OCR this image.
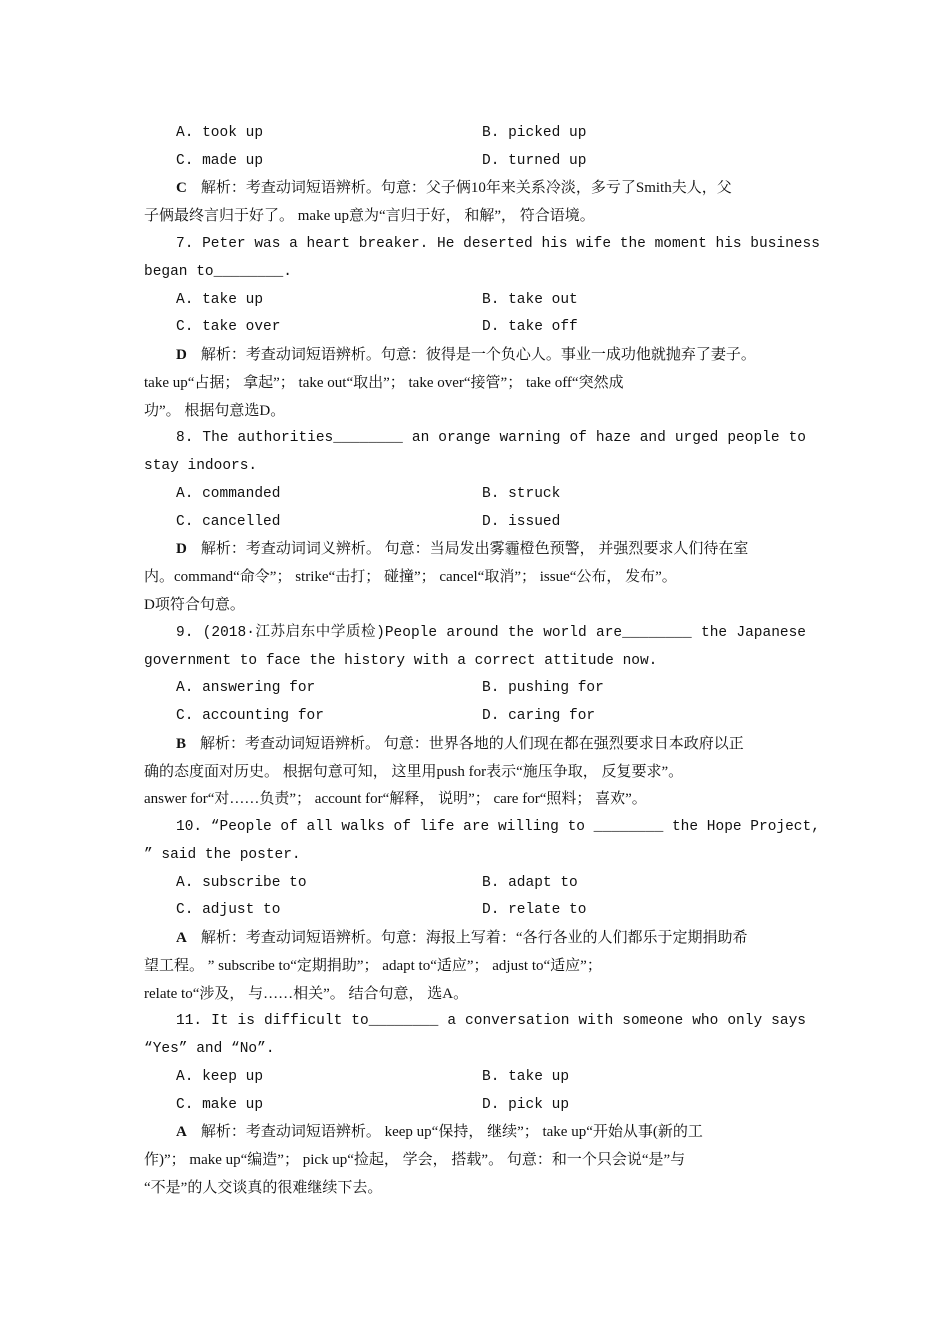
A. took up	B. picked up
C. made up	D. turned up
C 解析：考查动词短语辨析。句意：父子俩10年来关系冷淡，多亏了Smith夫人，父
子俩最终言归于好了。 make up意为“言归于好， 和解”， 符合语境。
7. Peter was a heart breaker. He deserted his wife the moment his business
began to________.
A. take up	B. take out
C. take over	D. take off
D 解析：考查动词短语辨析。句意：彼得是一个负心人。事业一成功他就抛弃了妻子。
take up“占据； 拿起”； take out“取出”； take over“接管”； take off“突然成
功”。 根据句意选D。
8. The authorities________ an orange warning of haze and urged people to
stay indoors.
A. commanded	B. struck
C. cancelled	D. issued
D 解析：考查动词词义辨析。 句意：当局发出雾霾橙色预警， 并强烈要求人们待在室
内。command“命令”； strike“击打； 碰撞”； cancel“取消”； issue“公布， 发布”。
D项符合句意。
9. (2018·江苏启东中学质检)People around the world are________ the Japanese
government to face the history with a correct attitude now.
A. answering for	B. pushing for
C. accounting for	D. caring for
B 解析：考查动词短语辨析。 句意：世界各地的人们现在都在强烈要求日本政府以正
确的态度面对历史。 根据句意可知， 这里用push for表示“施压争取， 反复要求”。
answer for“对……负责”； account for“解释， 说明”； care for“照料； 喜欢”。
10. “People of all walks of life are willing to ________ the Hope Project,
” said the poster.
A. subscribe to	B. adapt to
C. adjust to	D. relate to
A 解析：考查动词短语辨析。句意：海报上写着：“各行各业的人们都乐于定期捐助希
望工程。 ” subscribe to“定期捐助”； adapt to“适应”； adjust to“适应”；
relate to“涉及， 与……相关”。 结合句意， 选A。
11. It is difficult to________ a conversation with someone who only says
“Yes” and “No”.
A. keep up	B. take up
C. make up	D. pick up
A 解析：考查动词短语辨析。 keep up“保持， 继续”； take up“开始从事(新的工
作)”； make up“编造”； pick up“捡起， 学会， 搭载”。 句意：和一个只会说“是”与
“不是”的人交谈真的很难继续下去。
